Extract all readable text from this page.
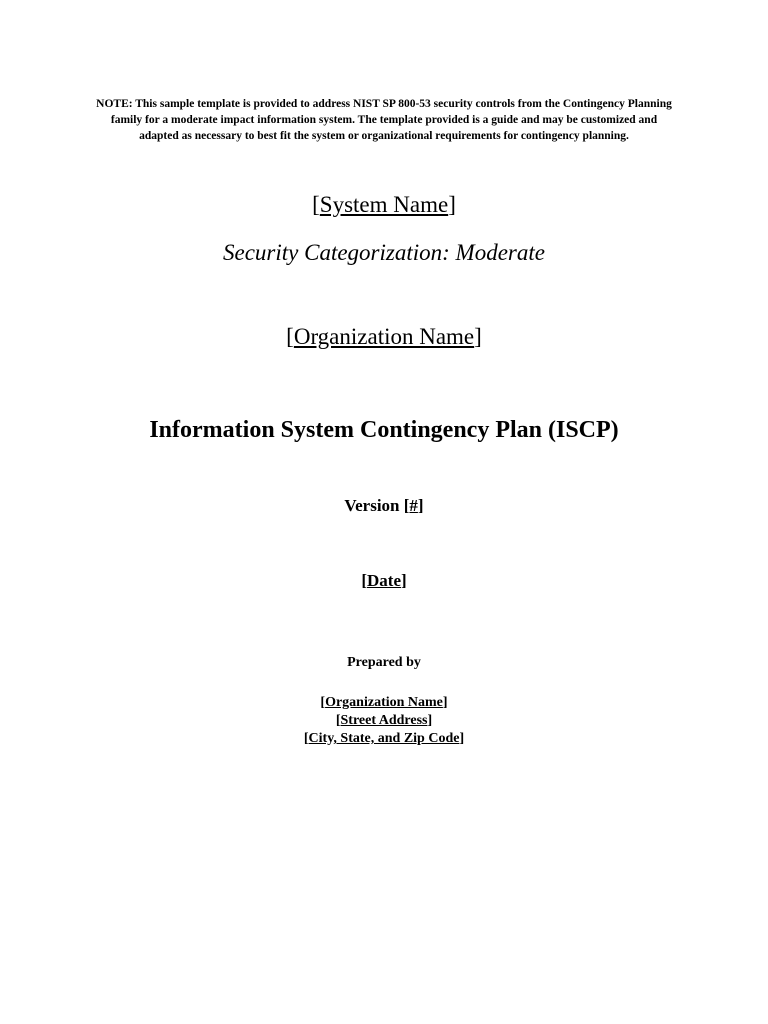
NOTE: This sample template is provided to address NIST SP 800-53 security controls from the Contingency Planning family for a moderate impact information system. The template provided is a guide and may be customized and adapted as necessary to best fit the system or organizational requirements for contingency planning.
[System Name]
Security Categorization: Moderate
[Organization Name]
Information System Contingency Plan (ISCP)
Version [#]
[Date]
Prepared by
[Organization Name]
[Street Address]
[City, State, and Zip Code]
